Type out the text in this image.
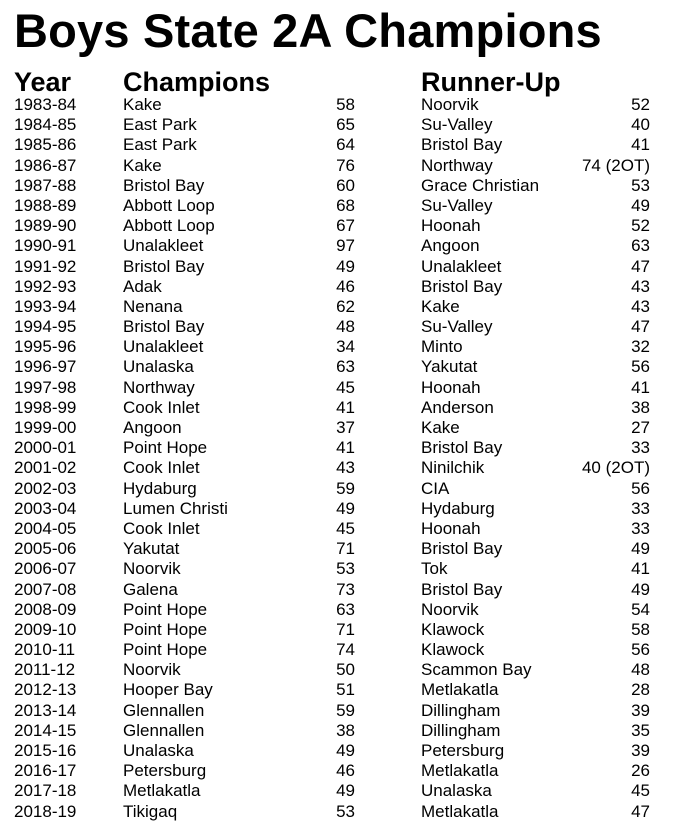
Boys State 2A Champions
Year Champions	Runner-Up
1983-84	Kake	58	Noorvik	52
1984-85	East Park	65	Su-Valley	40
1985-86	East Park	64	Bristol Bay	41
1986-87	Kake	76	Northway	74 (2OT)
1987-88	Bristol Bay	60	Grace Christian	53
1988-89	Abbott Loop	68	Su-Valley	49
1989-90	Abbott Loop	67	Hoonah	52
1990-91	Unalakleet	97	Angoon	63
1991-92	Bristol Bay	49	Unalakleet	47
1992-93	Adak	46	Bristol Bay	43
1993-94	Nenana	62	Kake	43
1994-95	Bristol Bay	48	Su-Valley	47
1995-96	Unalakleet	34	Minto	32
1996-97	Unalaska	63	Yakutat	56
1997-98	Northway	45	Hoonah	41
1998-99	Cook Inlet	41	Anderson	38
1999-00	Angoon	37	Kake	27
2000-01	Point Hope	41	Bristol Bay	33
2001-02	Cook Inlet	43	Ninilchik	40 (2OT)
2002-03	Hydaburg	59	CIA	56
2003-04	Lumen Christi	49	Hydaburg	33
2004-05	Cook Inlet	45	Hoonah	33
2005-06	Yakutat	71	Bristol Bay	49
2006-07	Noorvik	53	Tok	41
2007-08	Galena	73	Bristol Bay	49
2008-09	Point Hope	63	Noorvik	54
2009-10	Point Hope	71	Klawock	58
2010-11	Point Hope	74	Klawock	56
2011-12	Noorvik	50	Scammon Bay	48
2012-13	Hooper Bay	51	Metlakatla	28
2013-14	Glennallen	59	Dillingham	39
2014-15	Glennallen	38	Dillingham	35
2015-16	Unalaska	49	Petersburg	39
2016-17	Petersburg	46	Metlakatla	26
2017-18	Metlakatla	49	Unalaska	45
2018-19	Tikigaq	53	Metlakatla	47
